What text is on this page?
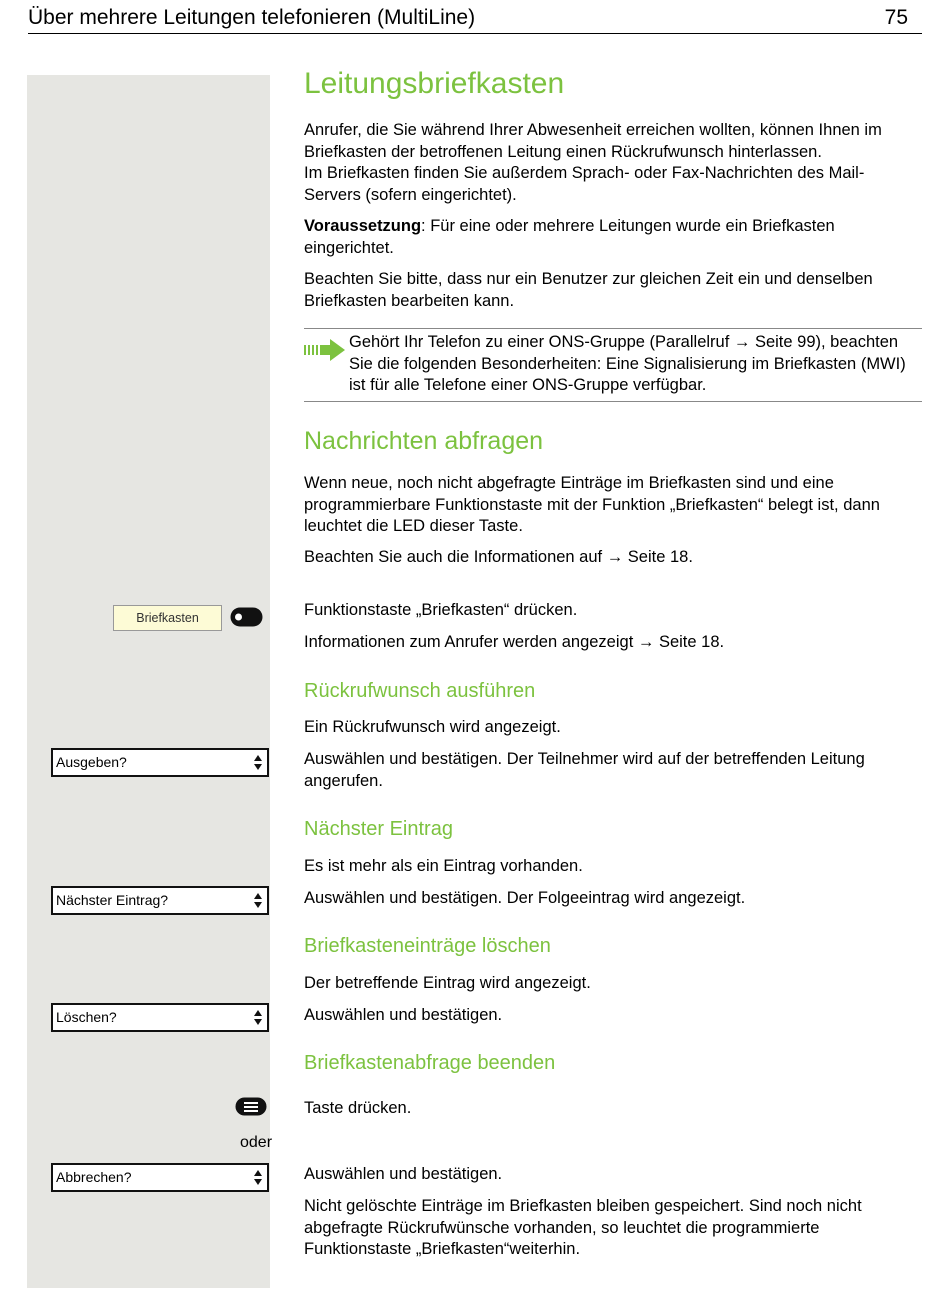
Über mehrere Leitungen telefonieren (MultiLine)	75
Leitungsbriefkasten

Anrufer, die Sie während Ihrer Abwesenheit erreichen wollten, können Ihnen im Briefkasten der betroffenen Leitung einen Rückrufwunsch hinterlassen.

Im Briefkasten finden Sie außerdem Sprach- oder Fax-Nachrichten des Mail-Servers (sofern eingerichtet).

Voraussetzung: Für eine oder mehrere Leitungen wurde ein Briefkasten eingerichtet.

Beachten Sie bitte, dass nur ein Benutzer zur gleichen Zeit ein und denselben Briefkasten bearbeiten kann.

Gehört Ihr Telefon zu einer ONS-Gruppe (Parallelruf → Seite 99), beachten Sie die folgenden Besonderheiten: Eine Signalisierung im Briefkasten (MWI) ist für alle Telefone einer ONS-Gruppe verfügbar.

Nachrichten abfragen

Wenn neue, noch nicht abgefragte Einträge im Briefkasten sind und eine programmierbare Funktionstaste mit der Funktion „Briefkasten“ belegt ist, dann leuchtet die LED dieser Taste.

Beachten Sie auch die Informationen auf → Seite 18.

Briefkasten	Funktionstaste „Briefkasten“ drücken.

Informationen zum Anrufer werden angezeigt → Seite 18.

Rückrufwunsch ausführen

Ein Rückrufwunsch wird angezeigt.

Ausgeben?	Auswählen und bestätigen. Der Teilnehmer wird auf der betreffenden Leitung angerufen.

Nächster Eintrag

Es ist mehr als ein Eintrag vorhanden.

Nächster Eintrag?	Auswählen und bestätigen. Der Folgeeintrag wird angezeigt.

Briefkasteneinträge löschen

Der betreffende Eintrag wird angezeigt.

Löschen?	Auswählen und bestätigen.

Briefkastenabfrage beenden

Taste drücken.

oder
Abbrechen?	Auswählen und bestätigen.

Nicht gelöschte Einträge im Briefkasten bleiben gespeichert. Sind noch nicht abgefragte Rückrufwünsche vorhanden, so leuchtet die programmierte Funktionstaste „Briefkasten“weiterhin.
